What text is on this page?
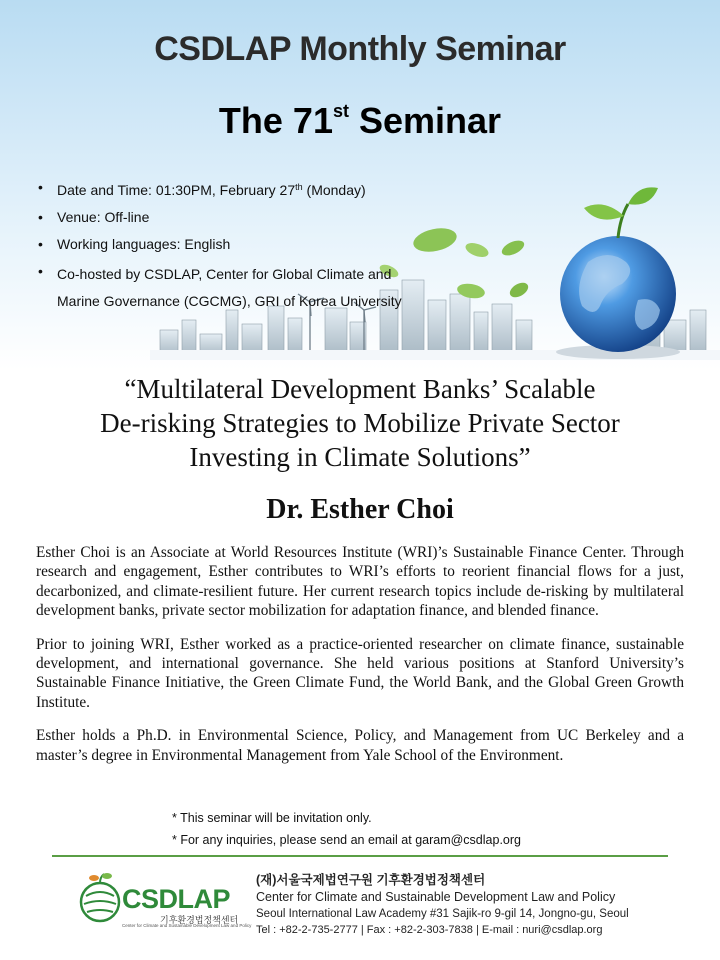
CSDLAP Monthly Seminar
The 71st Seminar
•	Date and Time: 01:30PM, February 27th (Monday)
•	Venue: Off-line
•	Working languages: English
•	Co-hosted by CSDLAP, Center for Global Climate and Marine Governance (CGCMG), GRI of Korea University
“Multilateral Development Banks’ Scalable
De-risking Strategies to Mobilize Private Sector
Investing in Climate Solutions”
Dr. Esther Choi

Esther Choi is an Associate at World Resources Institute (WRI)’s Sustainable Finance Center. Through research and engagement, Esther contributes to WRI’s efforts to reorient financial flows for a just, decarbonized, and climate-resilient future. Her current research topics include de-risking by multilateral development banks, private sector mobilization for adaptation finance, and blended finance.

Prior to joining WRI, Esther worked as a practice-oriented researcher on climate finance, sustainable development, and international governance. She held various positions at Stanford University’s Sustainable Finance Initiative, the Green Climate Fund, the World Bank, and the Global Green Growth Institute.

Esther holds a Ph.D. in Environmental Science, Policy, and Management from UC Berkeley and a master’s degree in Environmental Management from Yale School of the Environment.

* This seminar will be invitation only.
* For any inquiries, please send an email at garam@csdlap.org
CSDLAP
기후환경법정책센터
Center for Climate and Sustainable Development Law and Policy
(재)서울국제법연구원 기후환경법정책센터
Center for Climate and Sustainable Development Law and Policy
Seoul International Law Academy #31 Sajik-ro 9-gil 14, Jongno-gu, Seoul
Tel : +82-2-735-2777 | Fax : +82-2-303-7838 | E-mail : nuri@csdlap.org
